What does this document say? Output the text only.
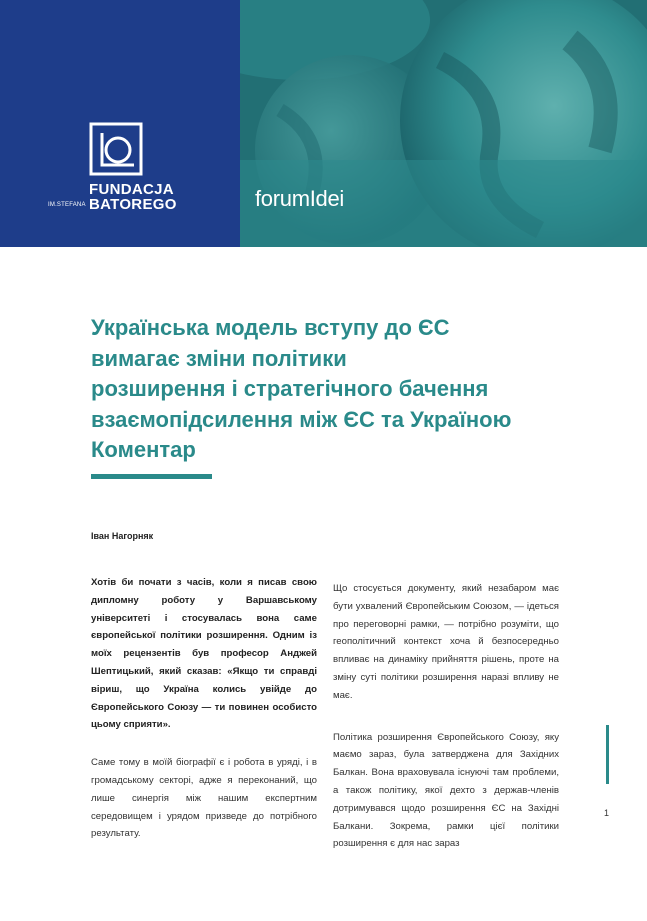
IM.STEFANA
FUNDACJA
BATOREGO	forumIdei
Українська модель вступу до ЄС
вимагає зміни політики
розширення і стратегічного бачення
взаємопідсилення між ЄС та Україною
Коментар
Іван Нагорняк

Хотів би почати з часів, коли я писав свою дипломну роботу у Варшавському університеті і стосувалась вона саме європейської політики розширення. Одним із моїх рецензентів був професор Анджей Шептицький, який сказав: «Якщо ти справді віриш, що Україна колись увійде до Європейського Союзу — ти повинен особисто цьому сприяти».

Саме тому в моїй біографії є і робота в уряді, і в громадському секторі, адже я переконаний, що лише синергія між нашим експертним середовищем і урядом призведе до потрібного результату.

Що стосується документу, який незабаром має бути ухвалений Європейським Союзом, — ідеться про переговорні рамки, — потрібно розуміти, що геополітичний контекст хоча й безпосередньо впливає на динаміку прийняття рішень, проте на зміну суті політики розширення наразі впливу не має.

Політика розширення Європейського Союзу, яку маємо зараз, була затверджена для Західних Балкан. Вона враховувала існуючі там проблеми, а також політику, якої дехто з держав-членів дотримувався щодо розширення ЄС на Західні Балкани. Зокрема, рамки цієї політики розширення є для нас зараз

1
